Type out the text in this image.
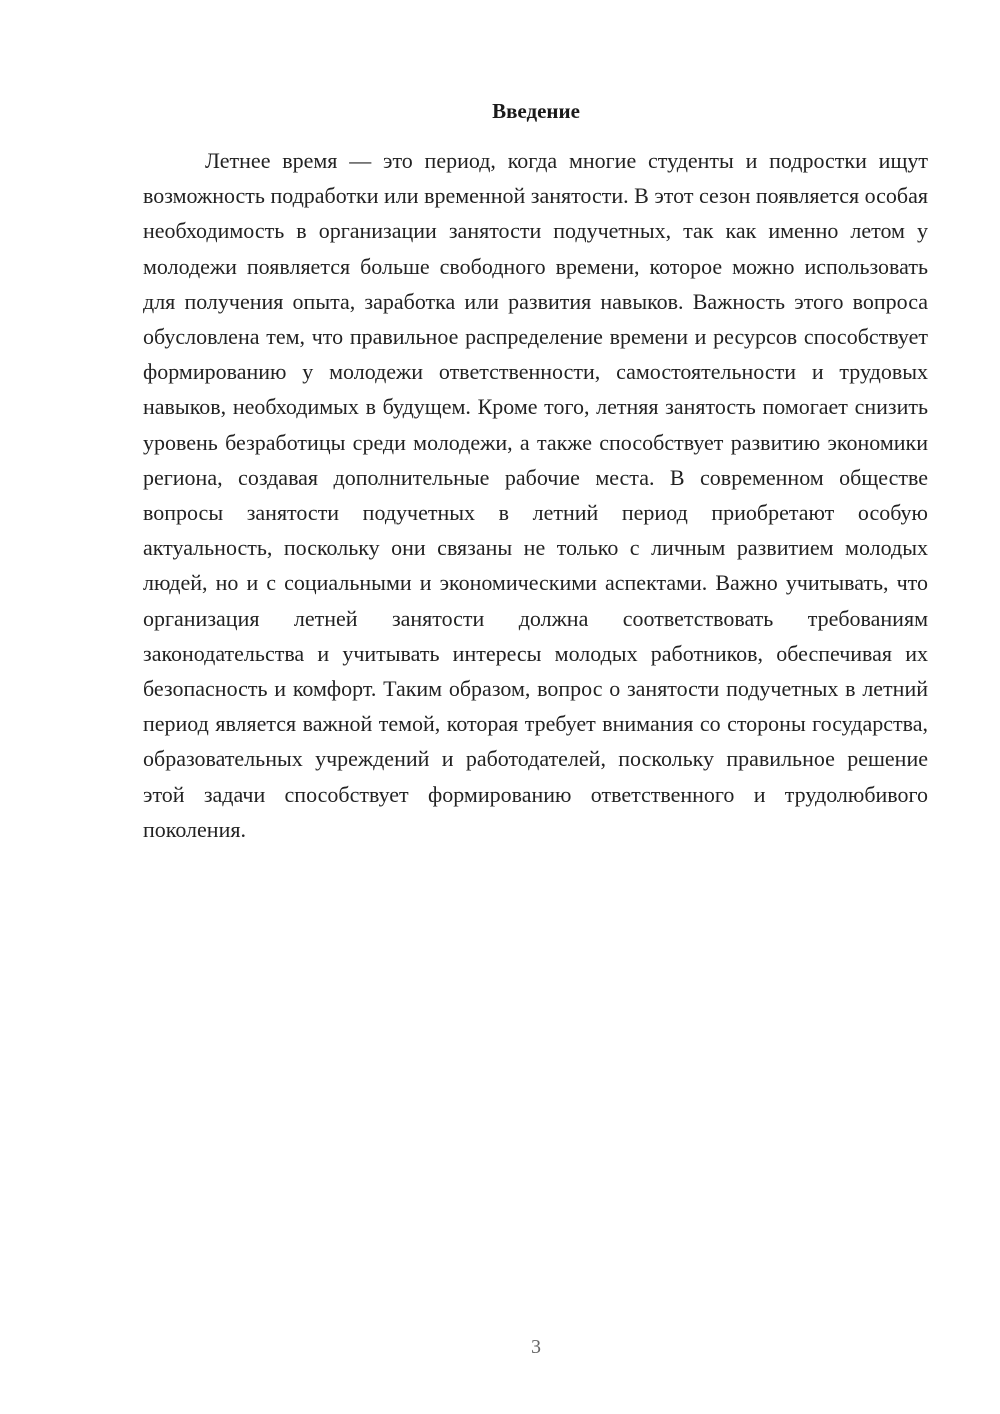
Введение

Летнее время — это период, когда многие студенты и подростки ищут возможность подработки или временной занятости. В этот сезон появляется особая необходимость в организации занятости подучетных, так как именно летом у молодежи появляется больше свободного времени, которое можно использовать для получения опыта, заработка или развития навыков. Важность этого вопроса обусловлена тем, что правильное распределение времени и ресурсов способствует формированию у молодежи ответственности, самостоятельности и трудовых навыков, необходимых в будущем. Кроме того, летняя занятость помогает снизить уровень безработицы среди молодежи, а также способствует развитию экономики региона, создавая дополнительные рабочие места. В современном обществе вопросы занятости подучетных в летний период приобретают особую актуальность, поскольку они связаны не только с личным развитием молодых людей, но и с социальными и экономическими аспектами. Важно учитывать, что организация летней занятости должна соответствовать требованиям законодательства и учитывать интересы молодых работников, обеспечивая их безопасность и комфорт. Таким образом, вопрос о занятости подучетных в летний период является важной темой, которая требует внимания со стороны государства, образовательных учреждений и работодателей, поскольку правильное решение этой задачи способствует формированию ответственного и трудолюбивого поколения.

3
